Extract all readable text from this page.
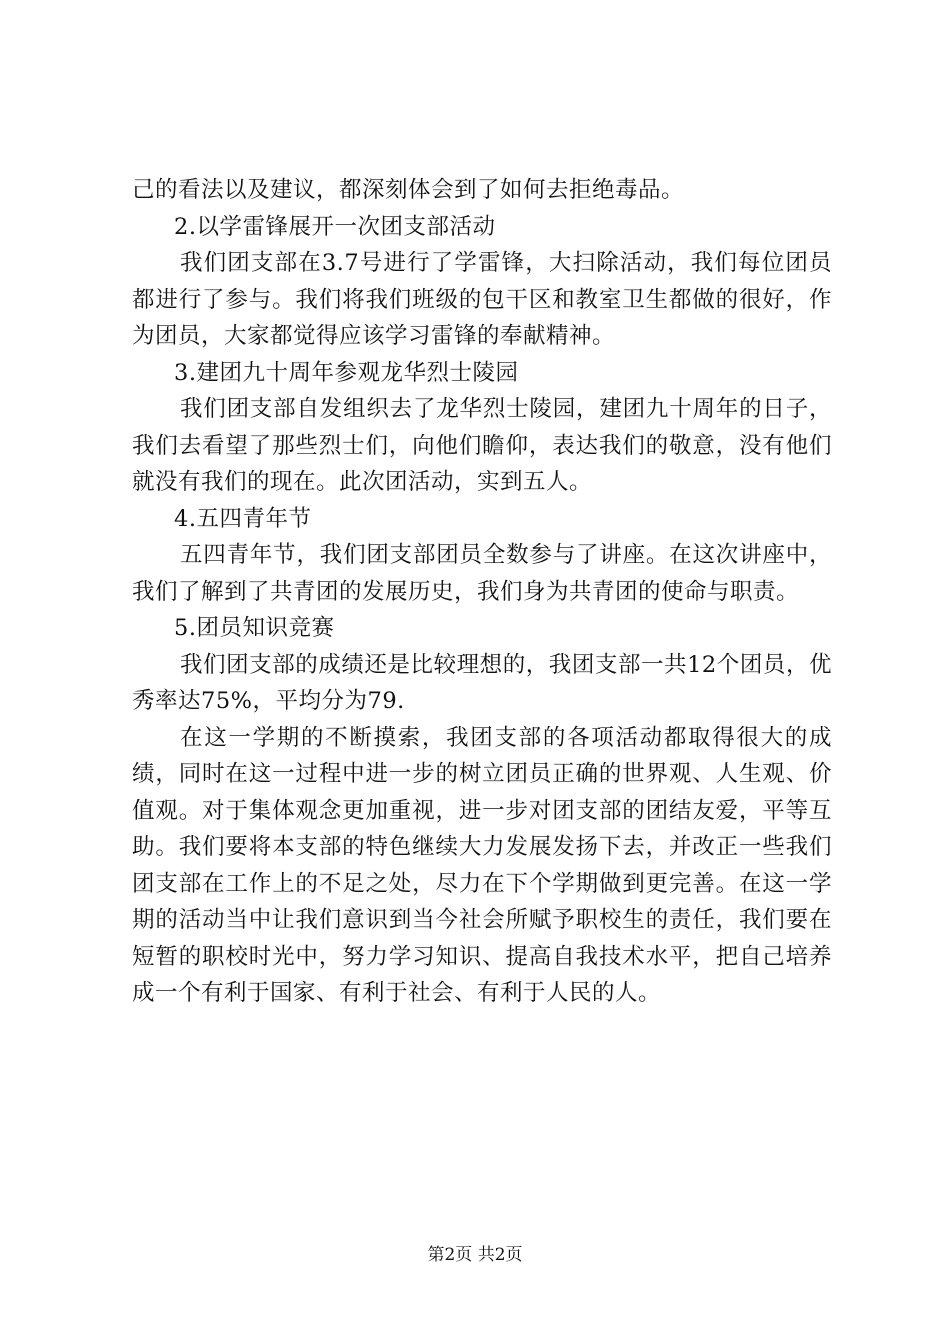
己的看法以及建议，都深刻体会到了如何去拒绝毒品。

2.以学雷锋展开一次团支部活动

我们团支部在3.7号进行了学雷锋，大扫除活动，我们每位团员都进行了参与。我们将我们班级的包干区和教室卫生都做的很好，作为团员，大家都觉得应该学习雷锋的奉献精神。

3.建团九十周年参观龙华烈士陵园

我们团支部自发组织去了龙华烈士陵园，建团九十周年的日子，我们去看望了那些烈士们，向他们瞻仰，表达我们的敬意，没有他们就没有我们的现在。此次团活动，实到五人。

4.五四青年节

五四青年节，我们团支部团员全数参与了讲座。在这次讲座中，我们了解到了共青团的发展历史，我们身为共青团的使命与职责。

5.团员知识竞赛

我们团支部的成绩还是比较理想的，我团支部一共12个团员，优秀率达75%，平均分为79.

在这一学期的不断摸索，我团支部的各项活动都取得很大的成绩，同时在这一过程中进一步的树立团员正确的世界观、人生观、价值观。对于集体观念更加重视，进一步对团支部的团结友爱，平等互助。我们要将本支部的特色继续大力发展发扬下去，并改正一些我们团支部在工作上的不足之处，尽力在下个学期做到更完善。在这一学期的活动当中让我们意识到当今社会所赋予职校生的责任，我们要在短暂的职校时光中，努力学习知识、提高自我技术水平，把自己培养成一个有利于国家、有利于社会、有利于人民的人。

第2页 共2页
